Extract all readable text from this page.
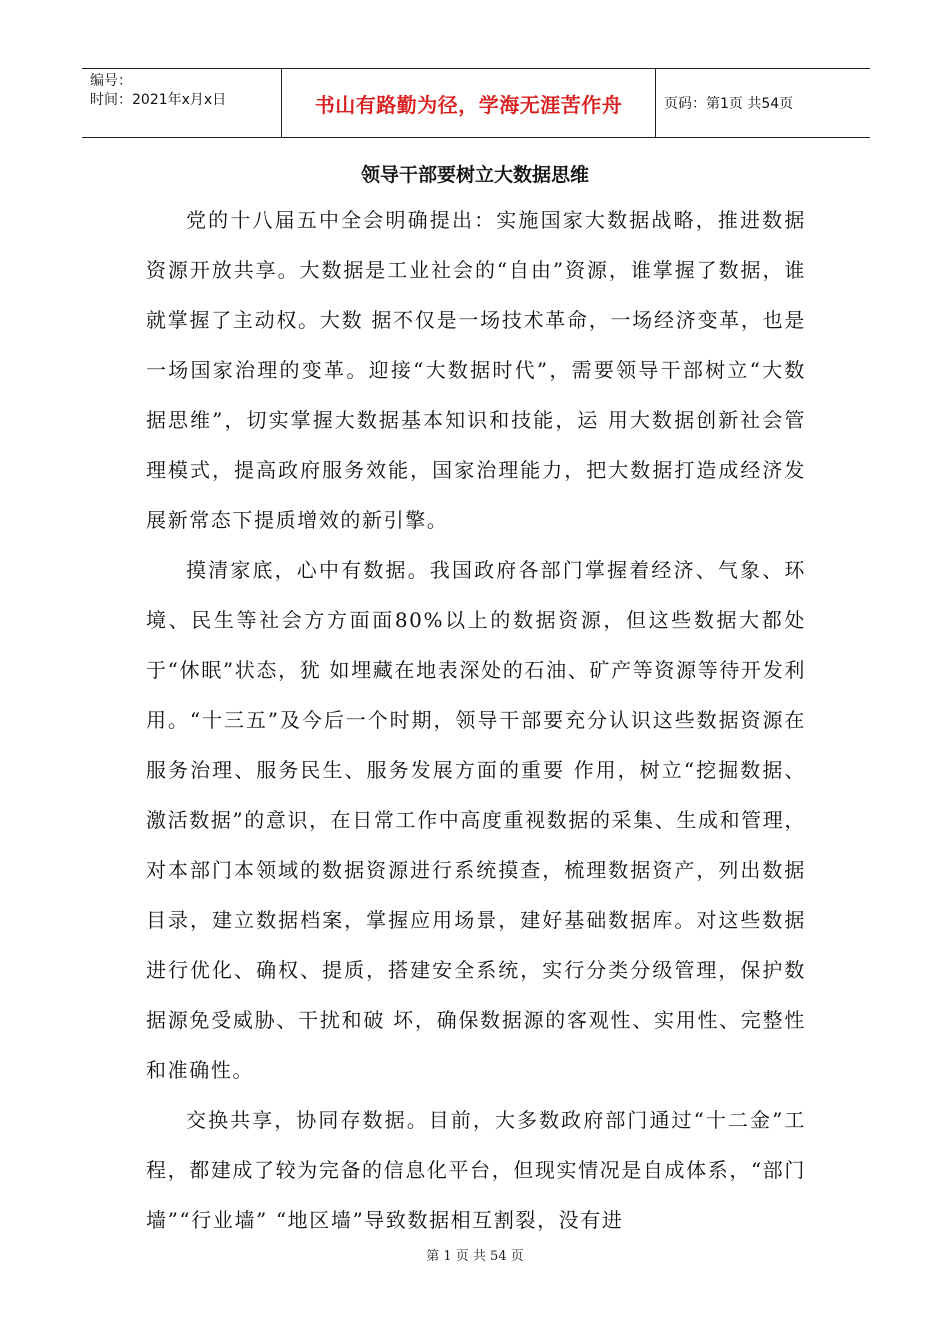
编号：
时间：2021年x月x日	书山有路勤为径，学海无涯苦作舟	页码：第1页 共54页
领导干部要树立大数据思维

党的十八届五中全会明确提出：实施国家大数据战略，推进数据资源开放共享。大数据是工业社会的“自由”资源，谁掌握了数据，谁就掌握了主动权。大数 据不仅是一场技术革命，一场经济变革，也是一场国家治理的变革。迎接“大数据时代”，需要领导干部树立“大数据思维”，切实掌握大数据基本知识和技能，运 用大数据创新社会管理模式，提高政府服务效能，国家治理能力，把大数据打造成经济发展新常态下提质增效的新引擎。

摸清家底，心中有数据。我国政府各部门掌握着经济、气象、环境、民生等社会方方面面80%以上的数据资源，但这些数据大都处于“休眠”状态，犹 如埋藏在地表深处的石油、矿产等资源等待开发利用。“十三五”及今后一个时期，领导干部要充分认识这些数据资源在服务治理、服务民生、服务发展方面的重要 作用，树立“挖掘数据、激活数据”的意识，在日常工作中高度重视数据的采集、生成和管理，对本部门本领域的数据资源进行系统摸查，梳理数据资产，列出数据 目录，建立数据档案，掌握应用场景，建好基础数据库。对这些数据进行优化、确权、提质，搭建安全系统，实行分类分级管理，保护数据源免受威胁、干扰和破 坏，确保数据源的客观性、实用性、完整性和准确性。

交换共享，协同存数据。目前，大多数政府部门通过“十二金”工程，都建成了较为完备的信息化平台，但现实情况是自成体系，“部门墙”“行业墙” “地区墙”导致数据相互割裂，没有进

第 1 页 共 54 页
